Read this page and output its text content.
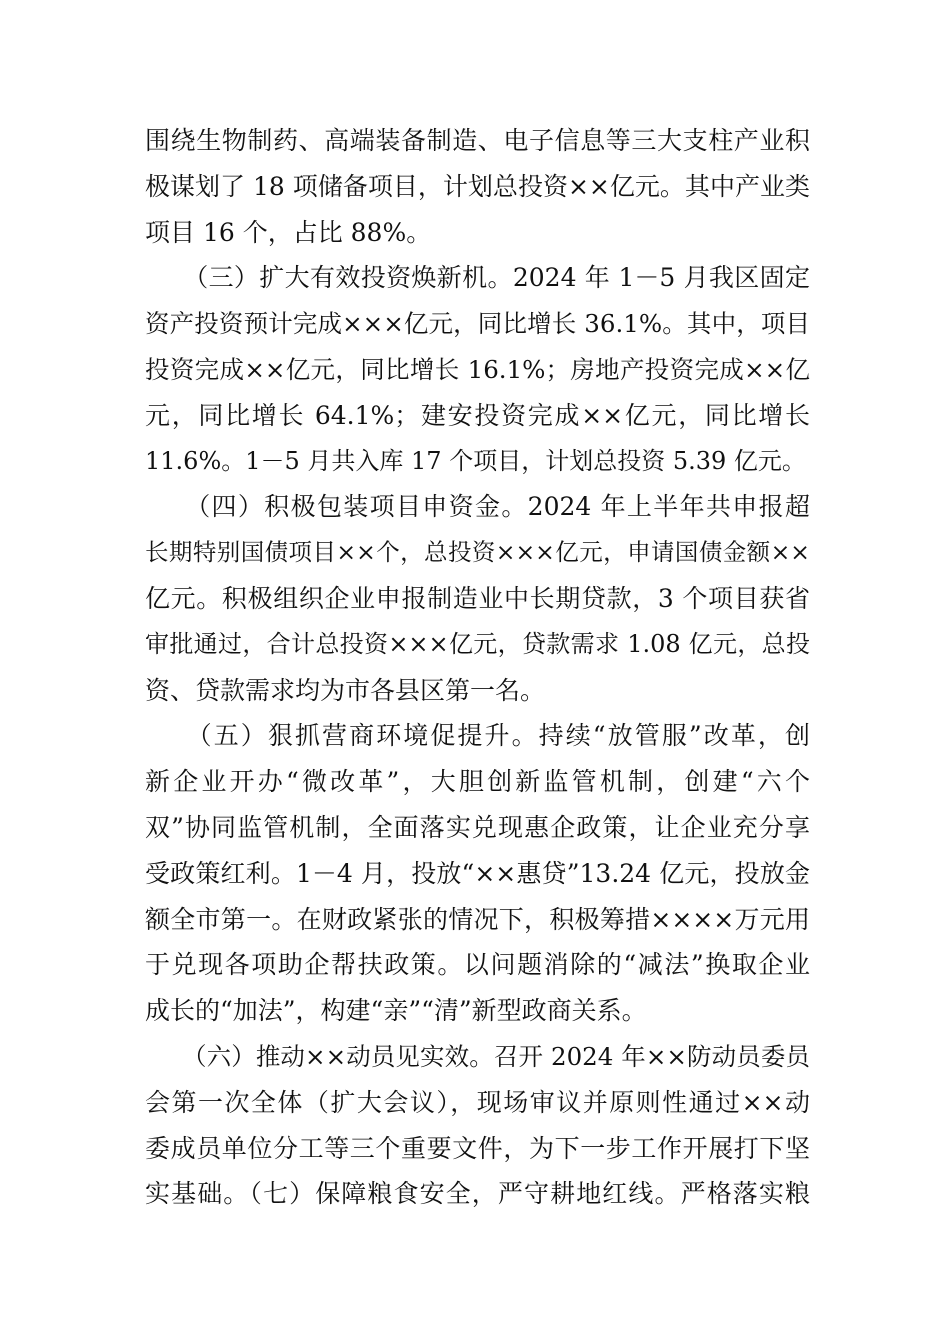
围绕生物制药、高端装备制造、电子信息等三大支柱产业积
极谋划了 18 项储备项目，计划总投资××亿元。其中产业类
项目 16 个，占比 88%。
　　（三）扩大有效投资焕新机。2024 年 1－5 月我区固定
资产投资预计完成×××亿元，同比增长 36.1%。其中，项目
投资完成××亿元，同比增长 16.1%；房地产投资完成××亿
元，同比增长 64.1%；建安投资完成××亿元，同比增长
11.6%。1－5 月共入库 17 个项目，计划总投资 5.39 亿元。
　　（四）积极包装项目申资金。2024 年上半年共申报超
长期特别国债项目××个，总投资×××亿元，申请国债金额××
亿元。积极组织企业申报制造业中长期贷款，3 个项目获省
审批通过，合计总投资×××亿元，贷款需求 1.08 亿元，总投
资、贷款需求均为市各县区第一名。
　　（五）狠抓营商环境促提升。持续“放管服”改革，创
新企业开办“微改革”，大胆创新监管机制，创建“六个
双”协同监管机制，全面落实兑现惠企政策，让企业充分享
受政策红利。1－4 月，投放“××惠贷”13.24 亿元，投放金
额全市第一。在财政紧张的情况下，积极筹措××××万元用
于兑现各项助企帮扶政策。以问题消除的“减法”换取企业
成长的“加法”，构建“亲”“清”新型政商关系。
　　（六）推动××动员见实效。召开 2024 年××防动员委员
会第一次全体（扩大会议），现场审议并原则性通过××动
委成员单位分工等三个重要文件，为下一步工作开展打下坚
实基础。（七）保障粮食安全，严守耕地红线。严格落实粮
